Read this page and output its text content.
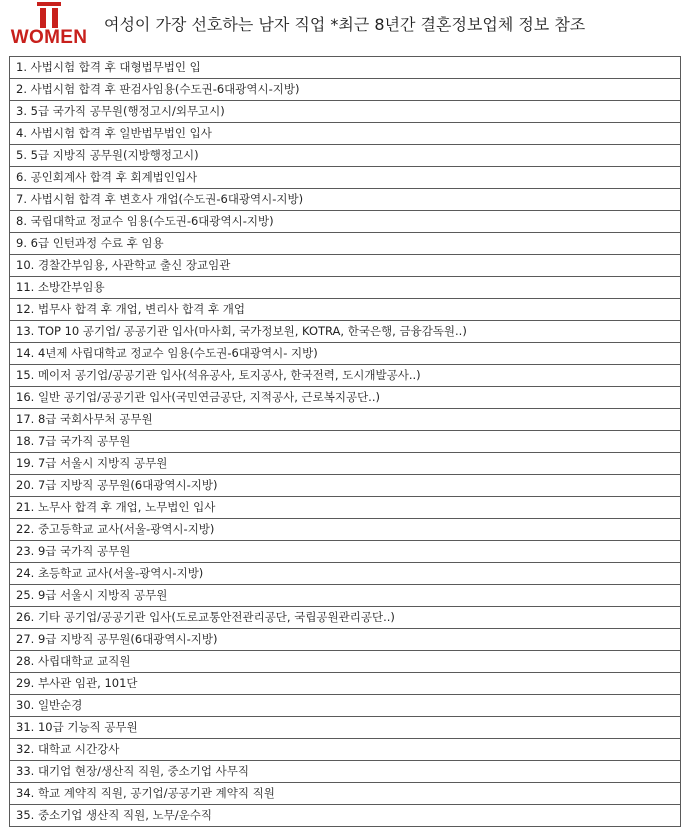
WOMEN
여성이 가장 선호하는 남자 직업 *최근 8년간 결혼정보업체 정보 참조
1. 사법시험 합격 후 대형법무법인 입
2. 사법시험 합격 후 판검사임용(수도권-6대광역시-지방)
3. 5급 국가직 공무원(행정고시/외무고시)
4. 사법시험 합격 후 일반법무법인 입사
5. 5급 지방직 공무원(지방행정고시)
6. 공인회계사 합격 후 회계법인입사
7. 사법시험 합격 후 변호사 개업(수도권-6대광역시-지방)
8. 국립대학교 정교수 임용(수도권-6대광역시-지방)
9. 6급 인턴과정 수료 후 임용
10. 경찰간부임용, 사관학교 출신 장교임관
11. 소방간부임용
12. 법무사 합격 후 개업, 변리사 합격 후 개업
13. TOP 10 공기업/ 공공기관 입사(마사회, 국가정보원, KOTRA, 한국은행, 금융감독원..)
14. 4년제 사립대학교 정교수 임용(수도권-6대광역시- 지방)
15. 메이저 공기업/공공기관 입사(석유공사, 토지공사, 한국전력, 도시개발공사..)
16. 일반 공기업/공공기관 입사(국민연금공단, 지적공사, 근로복지공단..)
17. 8급 국회사무처 공무원
18. 7급 국가직 공무원
19. 7급 서울시 지방직 공무원
20. 7급 지방직 공무원(6대광역시-지방)
21. 노무사 합격 후 개업, 노무법인 입사
22. 중고등학교 교사(서울-광역시-지방)
23. 9급 국가직 공무원
24. 초등학교 교사(서울-광역시-지방)
25. 9급 서울시 지방직 공무원
26. 기타 공기업/공공기관 입사(도로교통안전관리공단, 국립공원관리공단..)
27. 9급 지방직 공무원(6대광역시-지방)
28. 사립대학교 교직원
29. 부사관 임관, 101단
30. 일반순경
31. 10급 기능직 공무원
32. 대학교 시간강사
33. 대기업 현장/생산직 직원, 중소기업 사무직
34. 학교 계약직 직원, 공기업/공공기관 계약직 직원
35. 중소기업 생산직 직원, 노무/운수직
